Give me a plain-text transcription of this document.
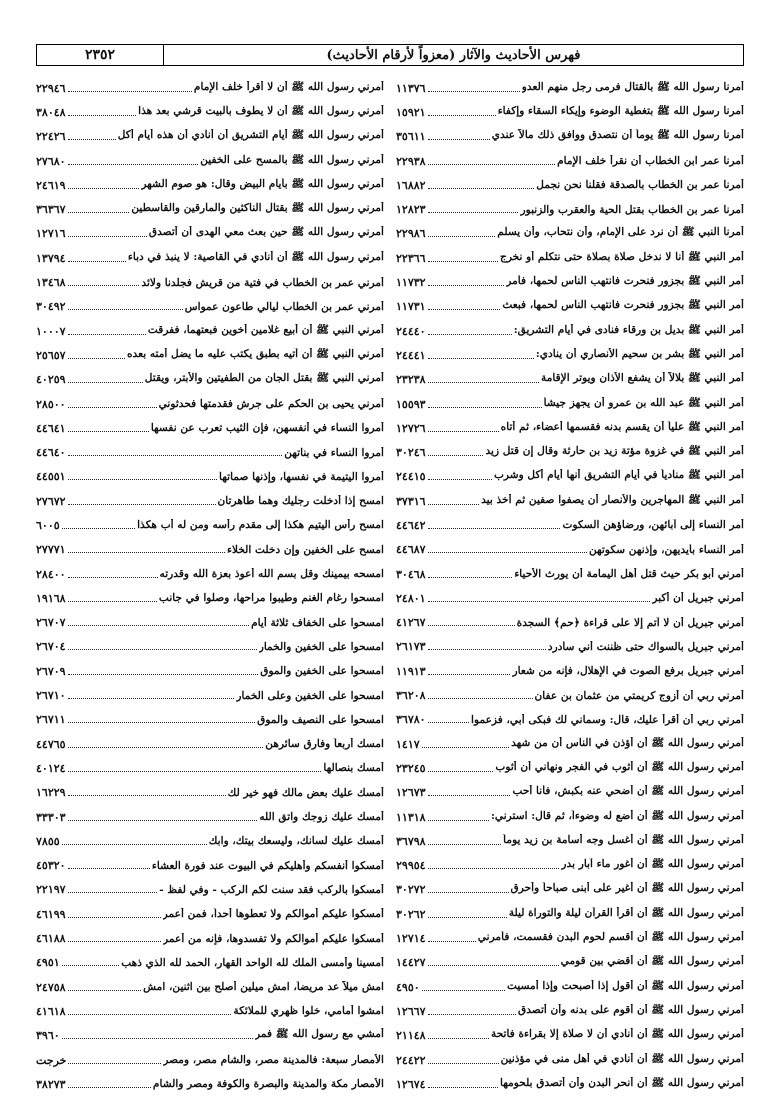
فهرس الأحاديث والآثار (معزواً لأرقام الأحاديث)
٢٣٥٢
أمرنا رسول الله ﷺ بالقتال فرمى رجل منهم العدو
١١٣٧٦
أمرنا رسول الله ﷺ بتغطية الوضوء وإيكاء السقاء وإكفاء
١٥٩٢١
أمرنا رسول الله ﷺ يوماً أن نتصدق ووافق ذلك مالاً عندي
٣٥٦١١
أمرنا عمر ابن الخطاب أن نقرأ خلف الإمام
٢٢٩٣٨
أمرنا عمر بن الخطاب بالصدقة فقلنا نحن نجمل
١٦٨٨٢
أمرنا عمر بن الخطاب بقتل الحية والعقرب والزنبور
١٢٨٢٣
أمرنا النبي ﷺ أن نرد على الإمام، وأن نتحاب، وأن يسلم
٢٢٩٨٦
أمر النبي ﷺ أنا لا ندخل صلاة بصلاة حتى نتكلم أو نخرج
٢٢٣٦٦
أمر النبي ﷺ بجزور فنحرت فانتهب الناس لحمها، فأمر
١١٧٣٢
أمر النبي ﷺ بجزور فنحرت فانتهب الناس لحمها، فبعث
١١٧٣١
أمر النبي ﷺ بديل بن ورقاء فنادى في أيام التشريق:
٢٤٤٤٠
أمر النبي ﷺ بشر بن سحيم الأنصاري أن ينادي:
٢٤٤٤١
أمر النبي ﷺ بلالاً أن يشفع الأذان ويوتر الإقامة
٢٣٢٣٨
أمر النبي ﷺ عبد الله بن عمرو أن يجهز جيشاً
١٥٥٩٣
أمر النبي ﷺ علياً أن يقسم بدنه فقسمها أعضاء، ثم أتاه
١٢٧٢٦
أمر النبي ﷺ في غزوة مؤتة زيد بن حارثة وقال إن قتل زيد
٣٠٢٤٦
أمر النبي ﷺ منادياً في أيام التشريق أنها أيام أكل وشرب
٢٤٤١٥
أمر النبي ﷺ المهاجرين والأنصار أن يصفوا صفين ثم أخذ بيد
٣٧٣١٦
أمر النساء إلى آبائهن، ورضاؤهن السكوت
٤٤٦٤٢
أمر النساء بأيديهن، وإذنهن سكوتهن
٤٤٦٨٧
أمرني أبو بكر حيث قتل أهل اليمامة أن يورث الأحياء
٣٠٤٦٨
أمرني جبريل أن أكبر
٢٤٨٠١
أمرني جبريل أن لا آتم إلا على قراءة ﴿حم﴾ السجدة
٤١٢٦٧
أمرني جبريل بالسواك حتى ظننت أني سأدرد
٢٦١٧٣
أمرني جبريل برفع الصوت في الإهلال، فإنه من شعار
١١٩١٣
أمرني ربي أن أزوج كريمتي من عثمان بن عفان
٣٦٢٠٨
أمرني ربي أن أقرأ عليك، قال: وسماني لك فبكى أبي، فزعموا
٣٦٧٨٠
أمرني رسول الله ﷺ أن أؤذن في الناس أن من شهد
١٤١٧
أمرني رسول الله ﷺ أن أثوب في الفجر ونهاني أن أثوب
٢٣٢٤٥
أمرني رسول الله ﷺ أن أضحي عنه بكبش، فأنا أحب
١٢٦٧٣
أمرني رسول الله ﷺ أن أضع له وضوءاً، ثم قال: استرني:
١١٣١٨
أمرني رسول الله ﷺ أن أغسل وجه أسامة بن زيد يوماً
٣٦٧٩٨
أمرني رسول الله ﷺ أن أغور ماء آبار بدر
٢٩٩٥٤
أمرني رسول الله ﷺ أن أغير على أبنى صباحاً وأحرق
٣٠٢٧٢
أمرني رسول الله ﷺ أن أقرأ القرآن ليلة والتوراة ليلة
٣٠٢٦٢
أمرني رسول الله ﷺ أن أقسم لحوم البدن فقسمت، فأمرني
١٢٧١٤
أمرني رسول الله ﷺ أن أقضي بين قومي
١٤٤٢٧
أمرني رسول الله ﷺ أن أقول إذا أصبحت وإذا أمسيت
٤٩٥٠
أمرني رسول الله ﷺ أن أقوم على بدنه وأن أتصدق
١٢٦٦٧
أمرني رسول الله ﷺ أن أنادي أن لا صلاة إلا بقراءة فاتحة
٢١١٤٨
أمرني رسول الله ﷺ أن أنادي في أهل منى في مؤذنين
٢٤٤٢٢
أمرني رسول الله ﷺ أن أنحر البدن وأن أتصدق بلحومها
١٢٦٧٤
أمرني رسول الله ﷺ أن لا أقرأ خلف الإمام
٢٢٩٤٦
أمرني رسول الله ﷺ أن لا يطوف بالبيت قرشي بعد هذا
٣٨٠٤٨
أمرني رسول الله ﷺ أيام التشريق أن أنادي أن هذه أيام أكل
٢٢٤٢٦
أمرني رسول الله ﷺ بالمسح على الخفين
٢٧٦٨٠
أمرني رسول الله ﷺ بأيام البيض وقال: هو صوم الشهر
٢٤٦١٩
أمرني رسول الله ﷺ بقتال الناكثين والمارقين والقاسطين
٣٦٣٦٧
أمرني رسول الله ﷺ حين بعث معي الهدى أن أتصدق
١٢٧١٦
أمرني رسول الله ﷺ أن أنادي في القاصية: لا ينبذ في دباء
١٣٧٩٤
أمرني عمر بن الخطاب في فتية من قريش فجلدنا ولائد
١٣٤٦٨
أمرني عمر بن الخطاب ليالي طاعون عمواس
٣٠٤٩٢
أمرني النبي ﷺ أن أبيع غلامين أخوين فبعتهما، ففرقت
١٠٠٠٧
أمرني النبي ﷺ أن آتيه بطبق يكتب عليه ما يضل أمته بعده
٢٥٦٥٧
أمرني النبي ﷺ بقتل الجان من الطفيتين والأبتر، ويقتل
٤٠٢٥٩
أمرني يحيى بن الحكم على جرش فقدمتها فحدثوني
٢٨٥٠٠
أمروا النساء في أنفسهن، فإن الثيب تعرب عن نفسها
٤٤٦٤١
أمروا النساء في بناتهن
٤٤٦٤٠
أمروا اليتيمة في نفسها، وإذنها صماتها
٤٤٥٥١
امسح إذا أدخلت رجليك وهما طاهرتان
٢٧٦٧٢
امسح رأس اليتيم هكذا إلى مقدم رأسه ومن له أب هكذا
٦٠٠٥
امسح على الخفين وإن دخلت الخلاء
٢٧٧٧١
امسحه بيمينك وقل بسم الله أعوذ بعزة الله وقدرته
٢٨٤٠٠
امسحوا رغام الغنم وطيبوا مراحها، وصلوا في جانب
١٩١٦٨
امسحوا على الخفاف ثلاثة أيام
٢٦٧٠٧
امسحوا على الخفين والخمار
٢٦٧٠٤
امسحوا على الخفين والموق
٢٦٧٠٩
امسحوا على الخفين وعلى الخمار
٢٦٧١٠
امسحوا على النصيف والموق
٢٦٧١١
امسك أربعاً وفارق سائرهن
٤٤٧٦٥
أمسك بنصالها
٤٠١٢٤
أمسك عليك بعض مالك فهو خير لك
١٦٢٢٩
أمسك عليك زوجك واتق الله
٣٣٣٠٣
أمسك عليك لسانك، وليسعك بيتك، وابك
٧٨٥٥
أمسكوا أنفسكم وأهليكم في البيوت عند فورة العشاء
٤٥٣٢٠
أمسكوا بالركب فقد سنت لكم الركب - وفي لفظ -
٢٢١٩٧
أمسكوا عليكم أموالكم ولا تعطوها أحداً، فمن أعمر
٤٦١٩٩
أمسكوا عليكم أموالكم ولا تفسدوها، فإنه من أعمر
٤٦١٨٨
أمسينا وأمسى الملك لله الواحد القهار، الحمد لله الذي ذهب
٤٩٥١
امش ميلاً عد مريضاً، امش ميلين أصلح بين اثنين، امش
٢٤٧٥٨
امشوا أمامي، خلوا ظهري للملائكة
٤١٦١٨
أمشي مع رسول الله ﷺ فمر
٣٩٦٠
الأمصار سبعة: فالمدينة مصر، والشام مصر، ومصر
خرجت
الأمصار مكة والمدينة والبصرة والكوفة ومصر والشام
٣٨٢٧٣
